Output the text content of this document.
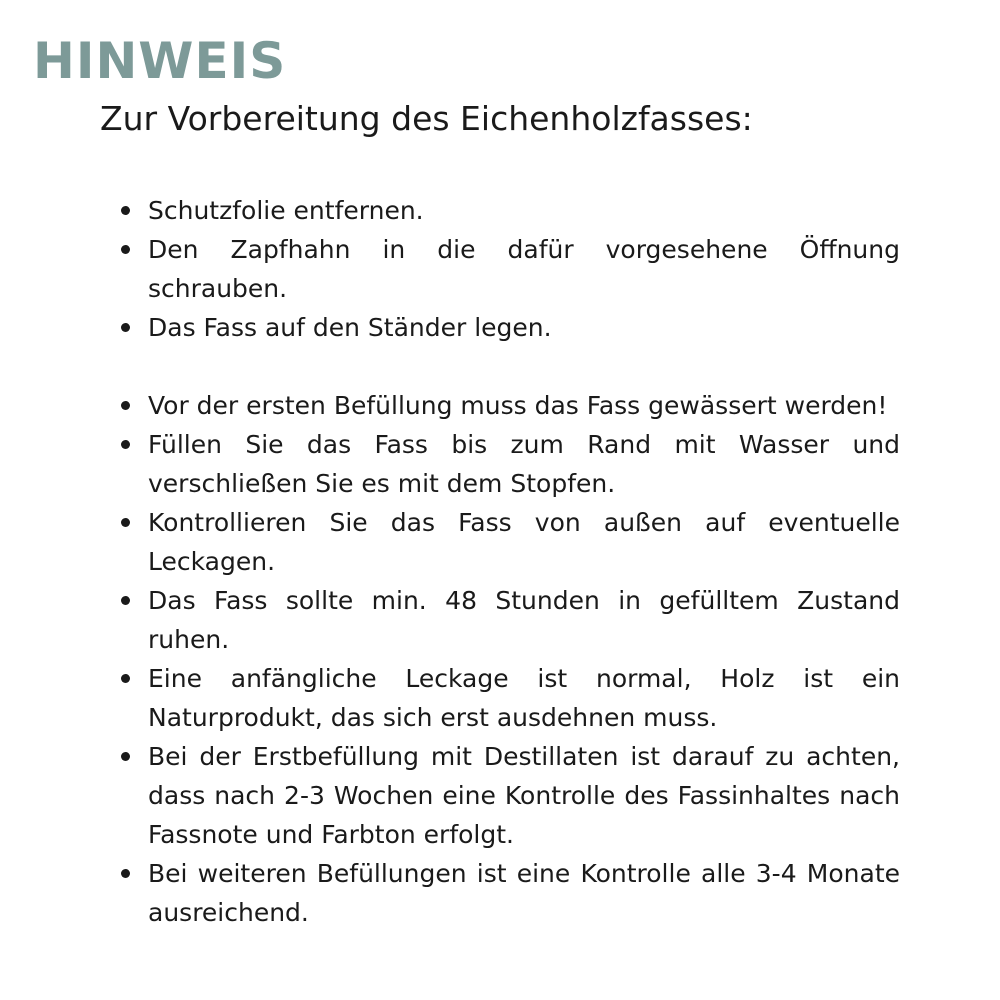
HINWEIS
Zur Vorbereitung des Eichenholzfasses:
Schutzfolie entfernen.
Den Zapfhahn in die dafür vorgesehene Öffnung schrauben.
Das Fass auf den Ständer legen.
Vor der ersten Befüllung muss das Fass gewässert werden!
Füllen Sie das Fass bis zum Rand mit Wasser und verschließen Sie es mit dem Stopfen.
Kontrollieren Sie das Fass von außen auf eventuelle Leckagen.
Das Fass sollte min. 48 Stunden in gefülltem Zustand ruhen.
Eine anfängliche Leckage ist normal, Holz ist ein Naturprodukt, das sich erst ausdehnen muss.
Bei der Erstbefüllung mit Destillaten ist darauf zu achten, dass nach 2-3 Wochen eine Kontrolle des Fassinhaltes nach Fassnote und Farbton erfolgt.
Bei weiteren Befüllungen ist eine Kontrolle alle 3-4 Monate ausreichend.
